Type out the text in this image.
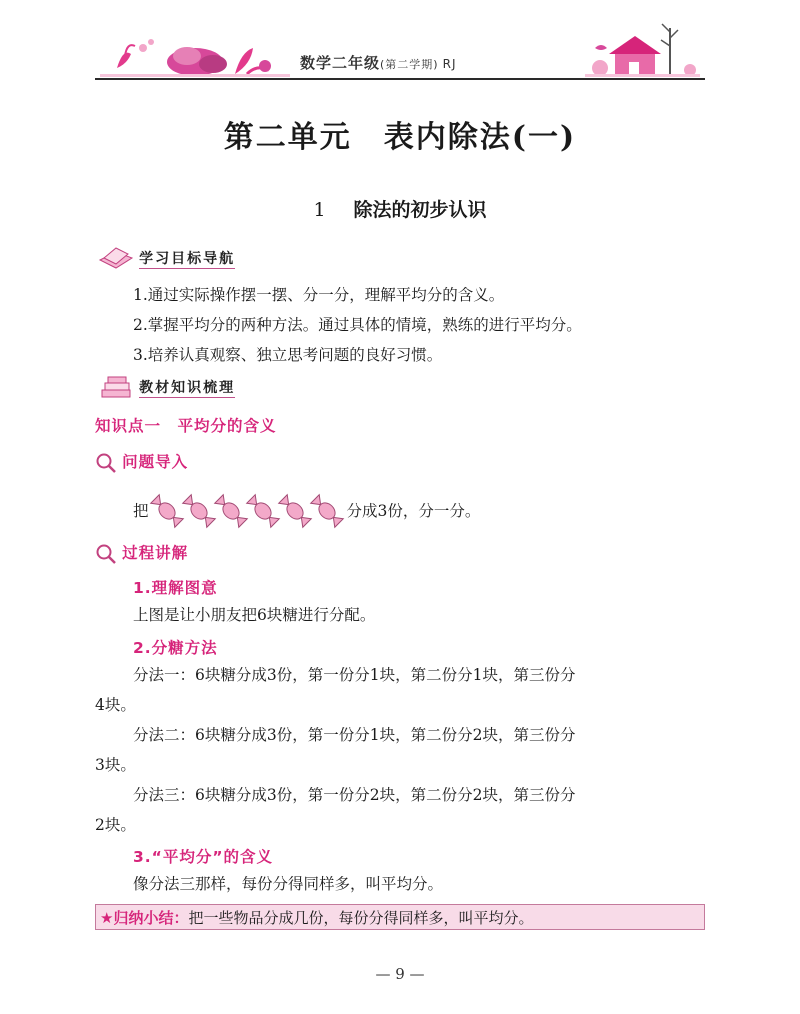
数学二年级(第二学期) RJ
第二单元　表内除法(一)
1 除法的初步认识
学习目标导航
1.通过实际操作摆一摆、分一分，理解平均分的含义。
2.掌握平均分的两种方法。通过具体的情境，熟练的进行平均分。
3.培养认真观察、独立思考问题的良好习惯。
教材知识梳理
知识点一　平均分的含义
问题导入
把	分成3份，分一分。
过程讲解
1.理解图意
上图是让小朋友把6块糖进行分配。
2.分糖方法
分法一：6块糖分成3份，第一份分1块，第二份分1块，第三份分
4块。
分法二：6块糖分成3份，第一份分1块，第二份分2块，第三份分
3块。
分法三：6块糖分成3份，第一份分2块，第二份分2块，第三份分
2块。
3.“平均分”的含义
像分法三那样，每份分得同样多，叫平均分。
★归纳小结：把一些物品分成几份，每份分得同样多，叫平均分。
— 9 —
